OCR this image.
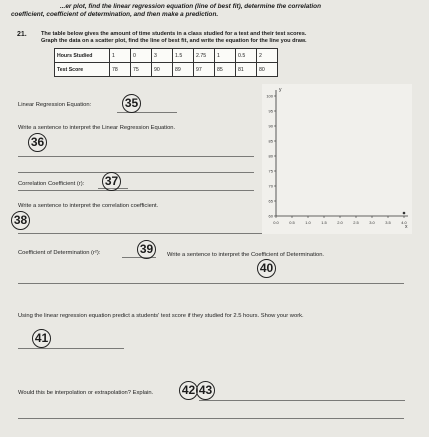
...er plot, find the linear regression equation (line of best fit), determine the correlation
coefficient, coefficient of determination, and then make a prediction.
21.	The table below gives the amount of time students in a class studied for a test and their test scores.
Graph the data on a scatter plot, find the line of best fit, and write the equation for the line you draw.
Hours Studied	1	0	3	1.5	2.75	1	0.5	2
Test Score	78	75	90	89	97	85	81	80
Linear Regression Equation:	35
Write a sentence to interpret the Linear Regression Equation.
36
Correlation Coefficient (r): 37
Write a sentence to interpret the correlation coefficient.
38
Coefficient of Determination (r²):	39	Write a sentence to interpret the Coefficient of Determination.
40
Using the linear regression equation predict a students' test score if they studied for 2.5 hours. Show your work.
41
Would this be interpolation or extrapolation? Explain. 42 43
y
x
0.0	0.5	1.0	1.5	2.0	2.5	3.0	3.5	4.0
60
65
70
75
80
85
90
95
100
